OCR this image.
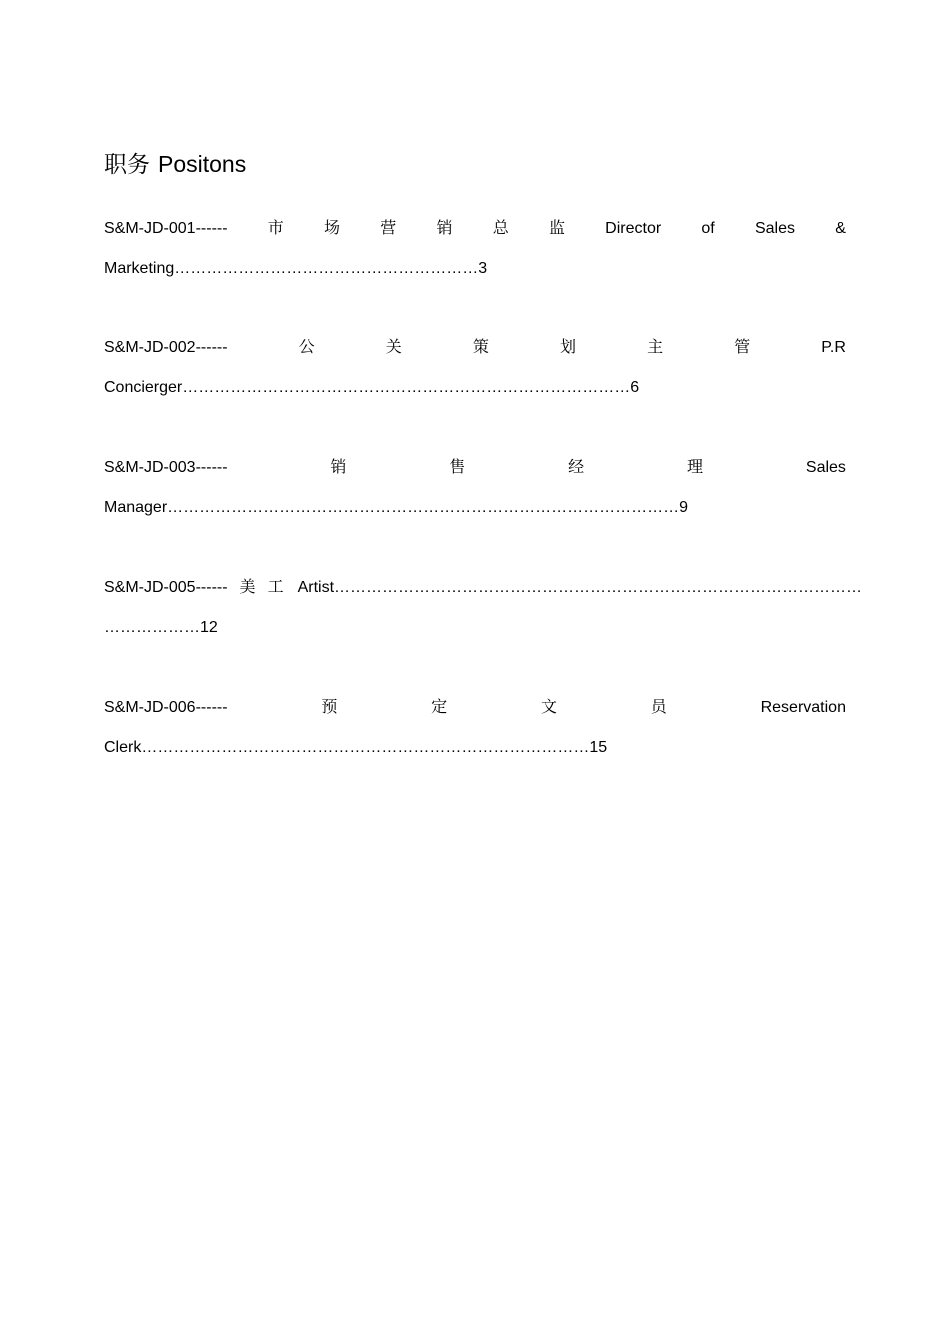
职务 Positons
S&M-JD-001------	市	场	营	销	总	监	Director	of	Sales	&
Marketing ………………………………………………… 3
S&M-JD-002------	公	关	策	划	主	管	P.R
Concierger ………………………………………………………………………… 6
S&M-JD-003------	销	售	经	理	Sales
Manager …………………………………………………………………………………… 9
S&M-JD-005------ 美 工 Artist ………………………………………………………………………………………
……………… 12
S&M-JD-006------	预	定	文	员	Reservation
Clerk ………………………………………………………………………… 15
